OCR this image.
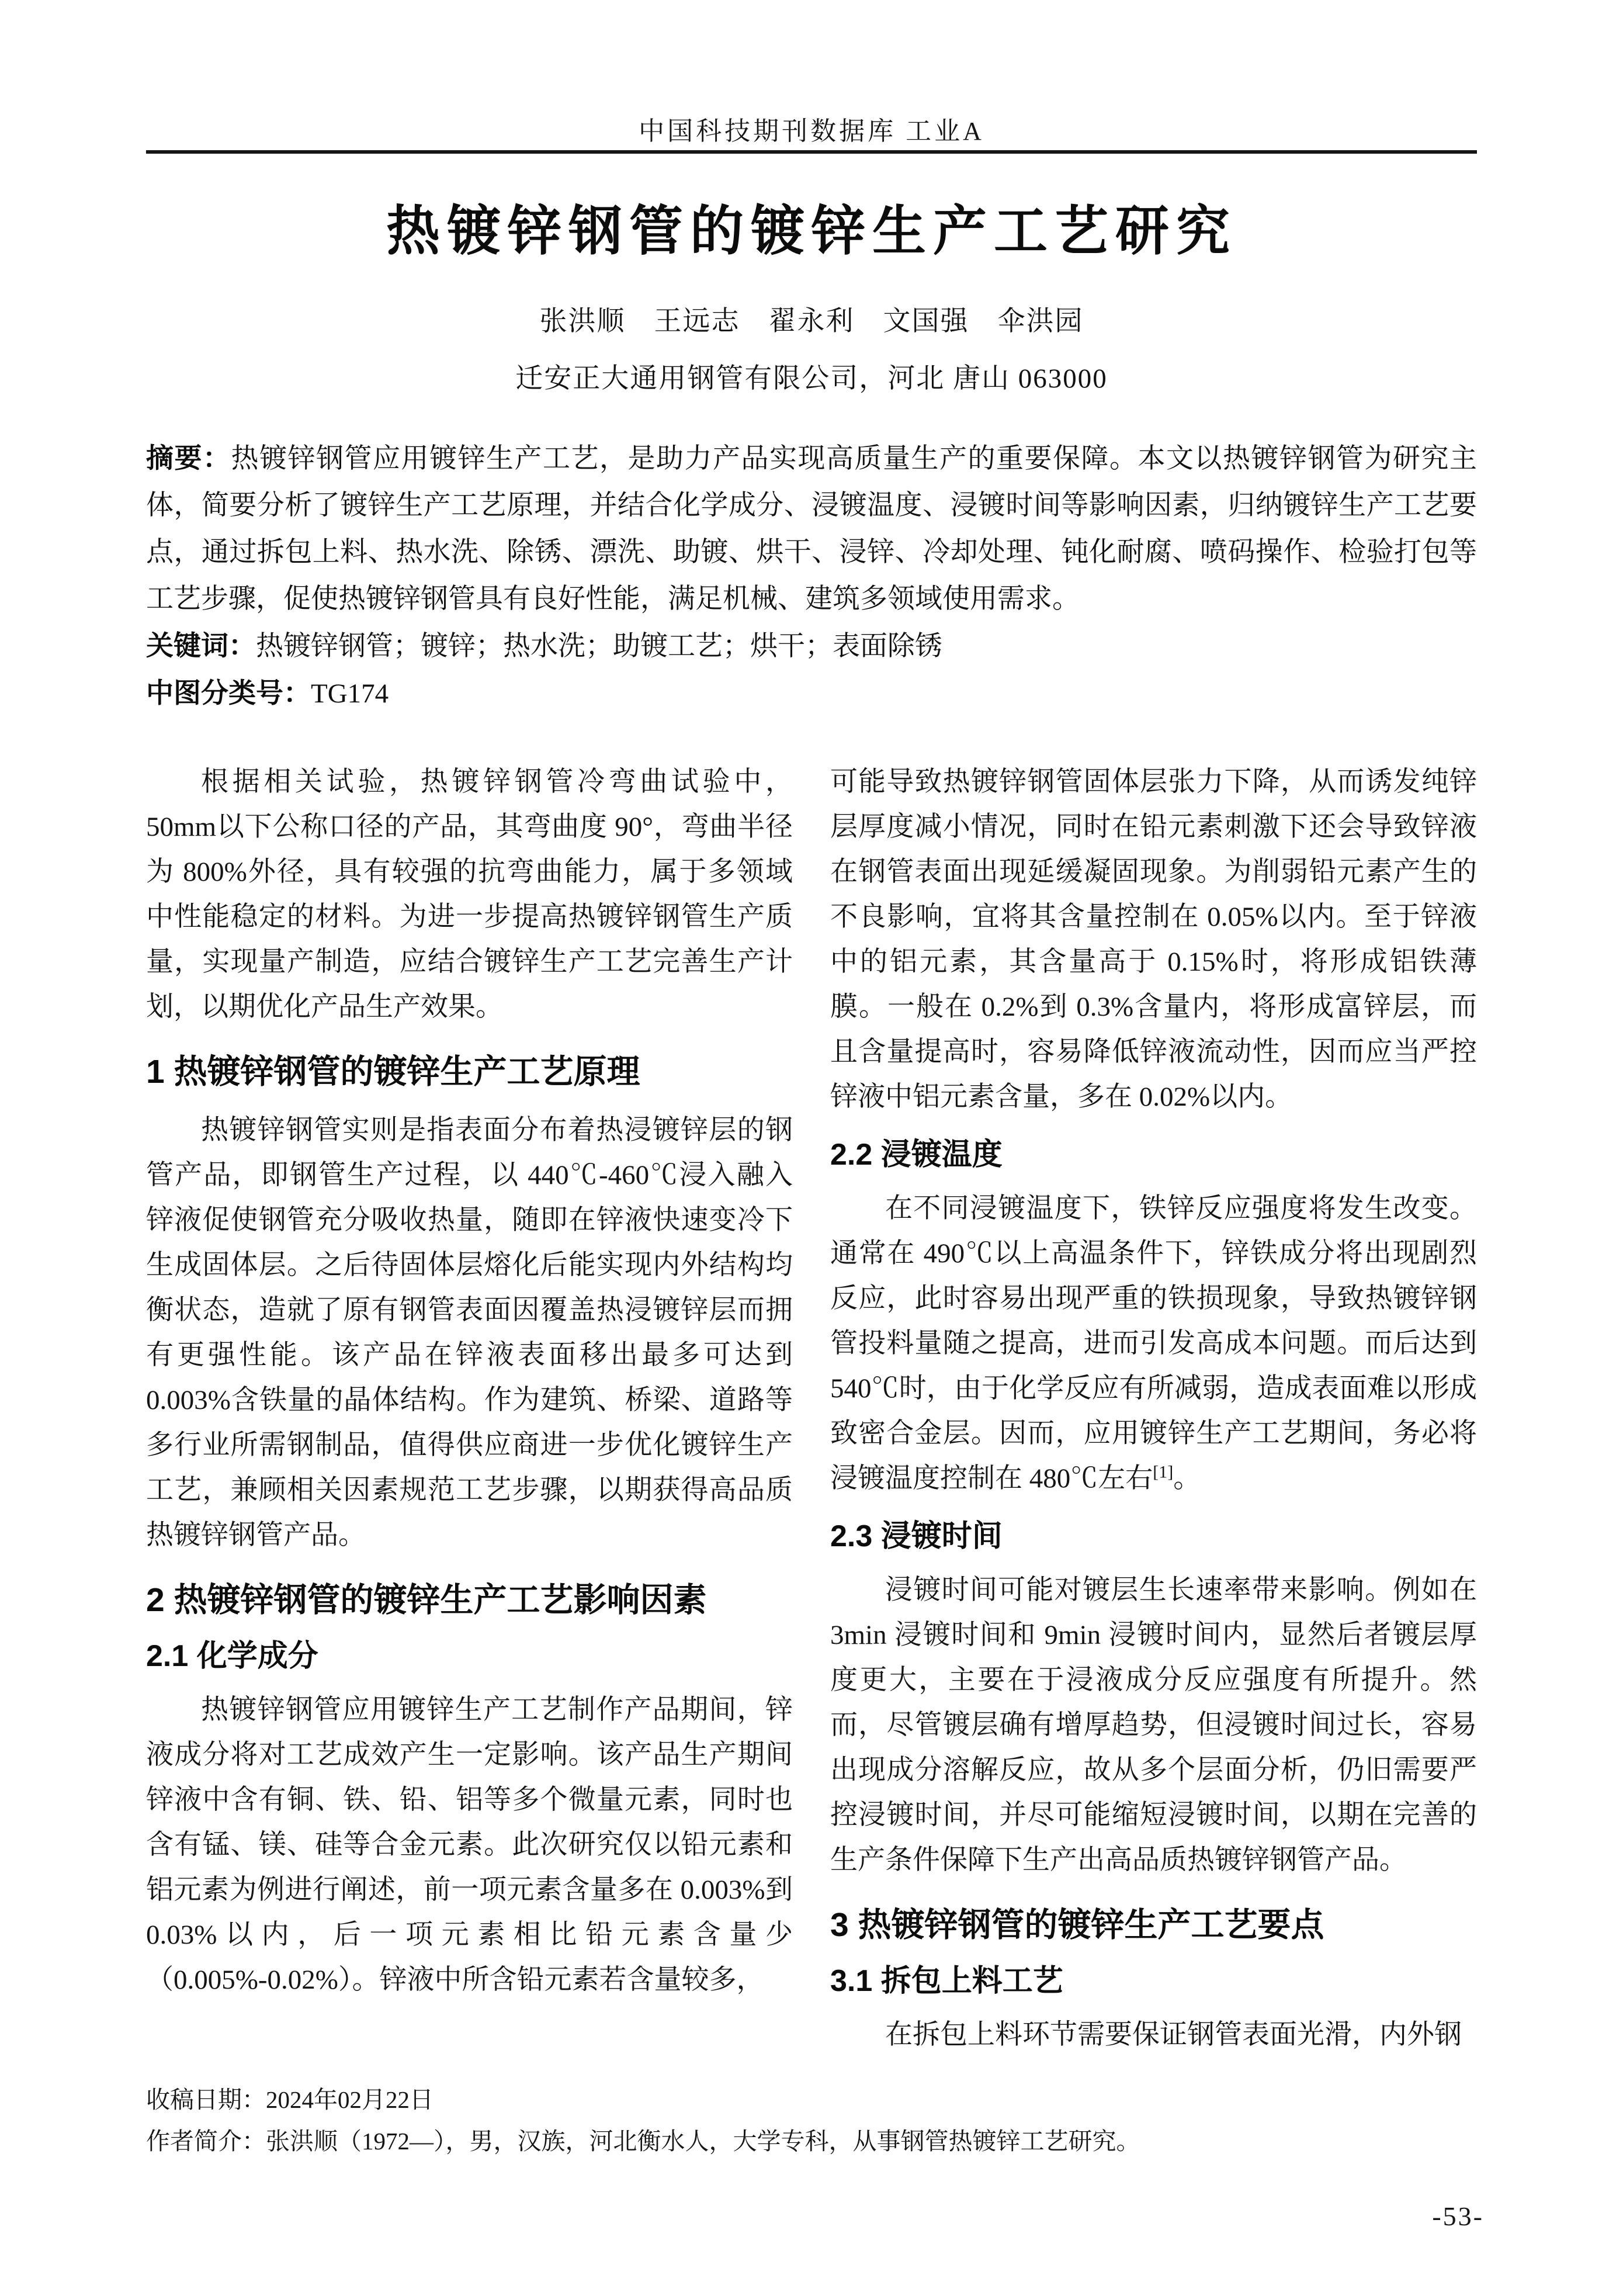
中国科技期刊数据库 工业A
热镀锌钢管的镀锌生产工艺研究
张洪顺　王远志　翟永利　文国强　伞洪园
迁安正大通用钢管有限公司，河北 唐山 063000

摘要：热镀锌钢管应用镀锌生产工艺，是助力产品实现高质量生产的重要保障。本文以热镀锌钢管为研究主体，简要分析了镀锌生产工艺原理，并结合化学成分、浸镀温度、浸镀时间等影响因素，归纳镀锌生产工艺要点，通过拆包上料、热水洗、除锈、漂洗、助镀、烘干、浸锌、冷却处理、钝化耐腐、喷码操作、检验打包等工艺步骤，促使热镀锌钢管具有良好性能，满足机械、建筑多领域使用需求。

关键词：热镀锌钢管；镀锌；热水洗；助镀工艺；烘干；表面除锈

中图分类号：TG174

根据相关试验，热镀锌钢管冷弯曲试验中，50mm以下公称口径的产品，其弯曲度 90°，弯曲半径为 800%外径，具有较强的抗弯曲能力，属于多领域中性能稳定的材料。为进一步提高热镀锌钢管生产质量，实现量产制造，应结合镀锌生产工艺完善生产计划，以期优化产品生产效果。

1 热镀锌钢管的镀锌生产工艺原理

热镀锌钢管实则是指表面分布着热浸镀锌层的钢管产品，即钢管生产过程，以 440℃-460℃浸入融入锌液促使钢管充分吸收热量，随即在锌液快速变冷下生成固体层。之后待固体层熔化后能实现内外结构均衡状态，造就了原有钢管表面因覆盖热浸镀锌层而拥有更强性能。该产品在锌液表面移出最多可达到 0.003%含铁量的晶体结构。作为建筑、桥梁、道路等多行业所需钢制品，值得供应商进一步优化镀锌生产工艺，兼顾相关因素规范工艺步骤，以期获得高品质热镀锌钢管产品。

2 热镀锌钢管的镀锌生产工艺影响因素
2.1 化学成分

热镀锌钢管应用镀锌生产工艺制作产品期间，锌液成分将对工艺成效产生一定影响。该产品生产期间锌液中含有铜、铁、铅、铝等多个微量元素，同时也含有锰、镁、硅等合金元素。此次研究仅以铅元素和铝元素为例进行阐述，前一项元素含量多在 0.003%到0.03%以内，后一项元素相比铅元素含量少（0.005%-0.02%）。锌液中所含铅元素若含量较多，

可能导致热镀锌钢管固体层张力下降，从而诱发纯锌层厚度减小情况，同时在铅元素刺激下还会导致锌液在钢管表面出现延缓凝固现象。为削弱铅元素产生的不良影响，宜将其含量控制在 0.05%以内。至于锌液中的铝元素，其含量高于 0.15%时，将形成铝铁薄膜。一般在 0.2%到 0.3%含量内，将形成富锌层，而且含量提高时，容易降低锌液流动性，因而应当严控锌液中铝元素含量，多在 0.02%以内。

2.2 浸镀温度

在不同浸镀温度下，铁锌反应强度将发生改变。通常在 490℃以上高温条件下，锌铁成分将出现剧烈反应，此时容易出现严重的铁损现象，导致热镀锌钢管投料量随之提高，进而引发高成本问题。而后达到540℃时，由于化学反应有所减弱，造成表面难以形成致密合金层。因而，应用镀锌生产工艺期间，务必将浸镀温度控制在 480℃左右[1]。

2.3 浸镀时间

浸镀时间可能对镀层生长速率带来影响。例如在3min 浸镀时间和 9min 浸镀时间内，显然后者镀层厚度更大，主要在于浸液成分反应强度有所提升。然而，尽管镀层确有增厚趋势，但浸镀时间过长，容易出现成分溶解反应，故从多个层面分析，仍旧需要严控浸镀时间，并尽可能缩短浸镀时间，以期在完善的生产条件保障下生产出高品质热镀锌钢管产品。

3 热镀锌钢管的镀锌生产工艺要点
3.1 拆包上料工艺

在拆包上料环节需要保证钢管表面光滑，内外钢

收稿日期：2024年02月22日

作者简介：张洪顺（1972—），男，汉族，河北衡水人，大学专科，从事钢管热镀锌工艺研究。

-53-
